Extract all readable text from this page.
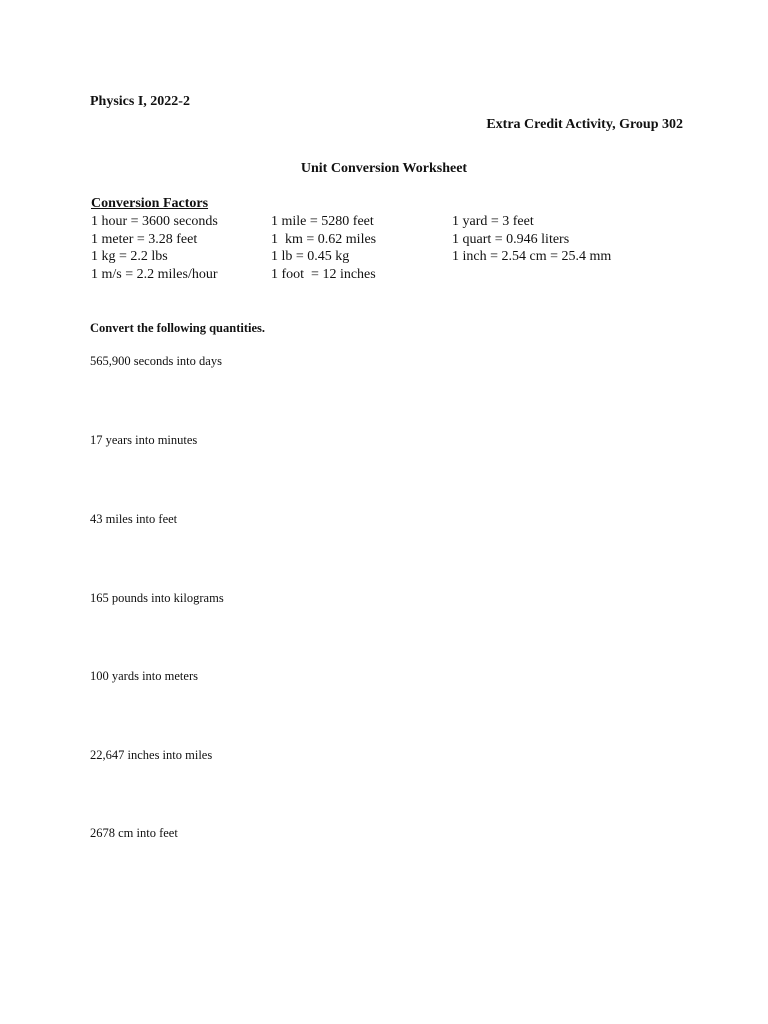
Physics I, 2022-2
Extra Credit Activity, Group 302
Unit Conversion Worksheet
Conversion Factors
1 hour = 3600 seconds
1 meter = 3.28 feet
1 kg = 2.2 lbs
1 m/s = 2.2 miles/hour
1 mile = 5280 feet
1  km = 0.62 miles
1 lb = 0.45 kg
1 foot  = 12 inches
1 yard = 3 feet
1 quart = 0.946 liters
1 inch = 2.54 cm = 25.4 mm
Convert the following quantities.
565,900 seconds into days
17 years into minutes
43 miles into feet
165 pounds into kilograms
100 yards into meters
22,647 inches into miles
2678 cm into feet
